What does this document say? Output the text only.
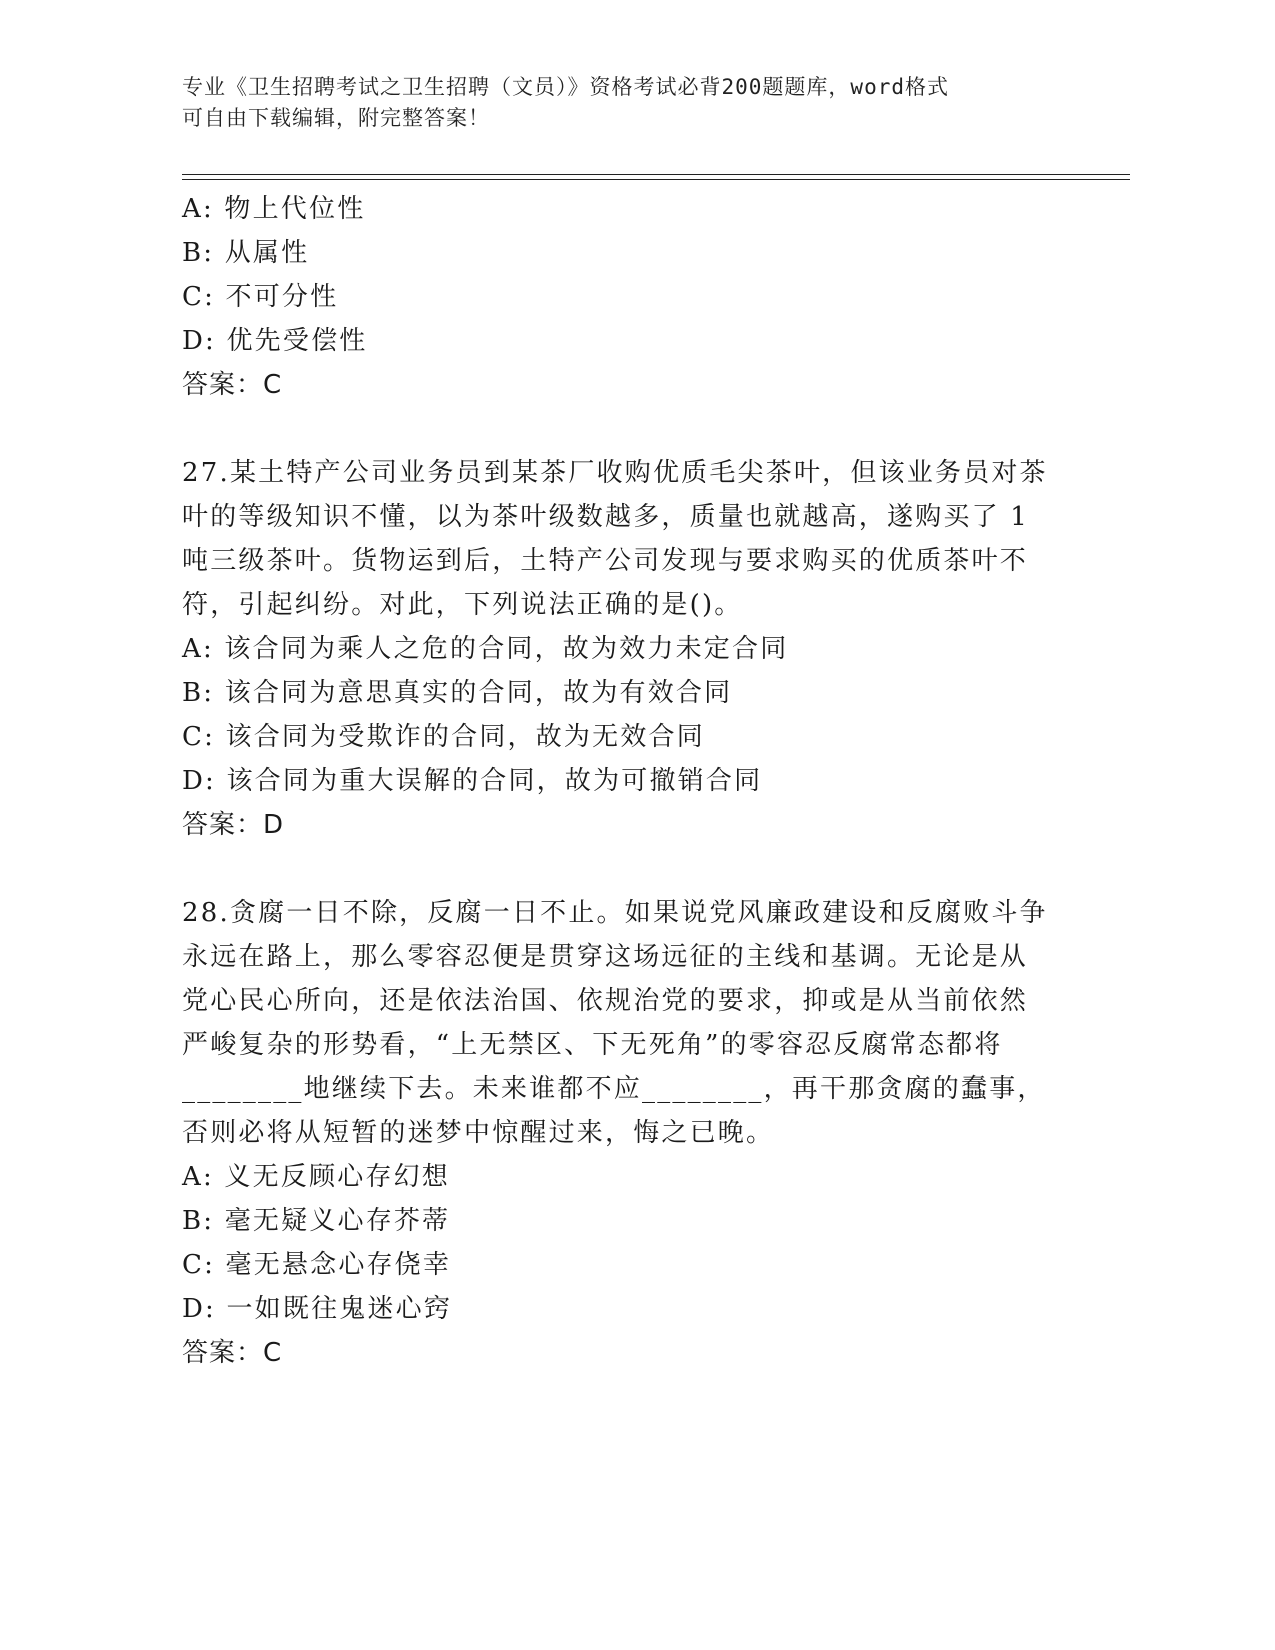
专业《卫生招聘考试之卫生招聘（文员）》资格考试必背200题题库，word格式
可自由下载编辑，附完整答案！
A: 物上代位性
B: 从属性
C: 不可分性
D: 优先受偿性
答案：C
27.某土特产公司业务员到某茶厂收购优质毛尖茶叶，但该业务员对茶
叶的等级知识不懂，以为茶叶级数越多，质量也就越高，遂购买了 1
吨三级茶叶。货物运到后，土特产公司发现与要求购买的优质茶叶不
符，引起纠纷。对此，下列说法正确的是()。
A: 该合同为乘人之危的合同，故为效力未定合同
B: 该合同为意思真实的合同，故为有效合同
C: 该合同为受欺诈的合同，故为无效合同
D: 该合同为重大误解的合同，故为可撤销合同
答案：D
28.贪腐一日不除，反腐一日不止。如果说党风廉政建设和反腐败斗争
永远在路上，那么零容忍便是贯穿这场远征的主线和基调。无论是从
党心民心所向，还是依法治国、依规治党的要求，抑或是从当前依然
严峻复杂的形势看，“上无禁区、下无死角”的零容忍反腐常态都将
________地继续下去。未来谁都不应________，再干那贪腐的蠢事，
否则必将从短暂的迷梦中惊醒过来，悔之已晚。
A: 义无反顾心存幻想
B: 毫无疑义心存芥蒂
C: 毫无悬念心存侥幸
D: 一如既往鬼迷心窍
答案：C
